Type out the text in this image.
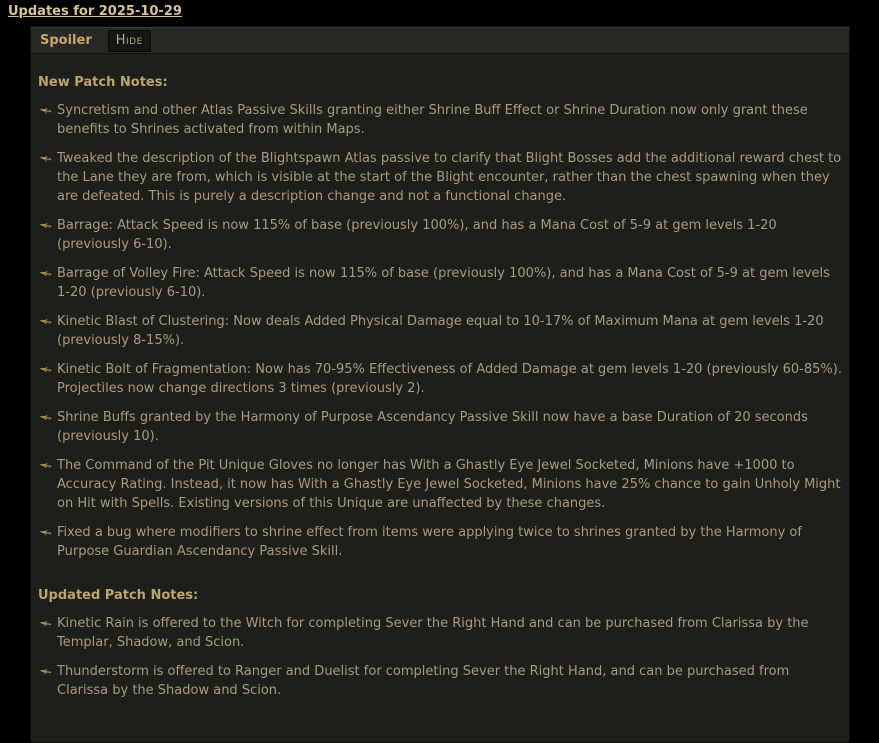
Updates for 2025-10-29
Spoiler	Hide
New Patch Notes:
Syncretism and other Atlas Passive Skills granting either Shrine Buff Effect or Shrine Duration now only grant these benefits to Shrines activated from within Maps.
Tweaked the description of the Blightspawn Atlas passive to clarify that Blight Bosses add the additional reward chest to the Lane they are from, which is visible at the start of the Blight encounter, rather than the chest spawning when they are defeated. This is purely a description change and not a functional change.
Barrage: Attack Speed is now 115% of base (previously 100%), and has a Mana Cost of 5-9 at gem levels 1-20 (previously 6-10).
Barrage of Volley Fire: Attack Speed is now 115% of base (previously 100%), and has a Mana Cost of 5-9 at gem levels 1-20 (previously 6-10).
Kinetic Blast of Clustering: Now deals Added Physical Damage equal to 10-17% of Maximum Mana at gem levels 1-20 (previously 8-15%).
Kinetic Bolt of Fragmentation: Now has 70-95% Effectiveness of Added Damage at gem levels 1-20 (previously 60-85%). Projectiles now change directions 3 times (previously 2).
Shrine Buffs granted by the Harmony of Purpose Ascendancy Passive Skill now have a base Duration of 20 seconds (previously 10).
The Command of the Pit Unique Gloves no longer has With a Ghastly Eye Jewel Socketed, Minions have +1000 to Accuracy Rating. Instead, it now has With a Ghastly Eye Jewel Socketed, Minions have 25% chance to gain Unholy Might on Hit with Spells. Existing versions of this Unique are unaffected by these changes.
Fixed a bug where modifiers to shrine effect from items were applying twice to shrines granted by the Harmony of Purpose Guardian Ascendancy Passive Skill.
Updated Patch Notes:
Kinetic Rain is offered to the Witch for completing Sever the Right Hand and can be purchased from Clarissa by the Templar, Shadow, and Scion.
Thunderstorm is offered to Ranger and Duelist for completing Sever the Right Hand, and can be purchased from Clarissa by the Shadow and Scion.
